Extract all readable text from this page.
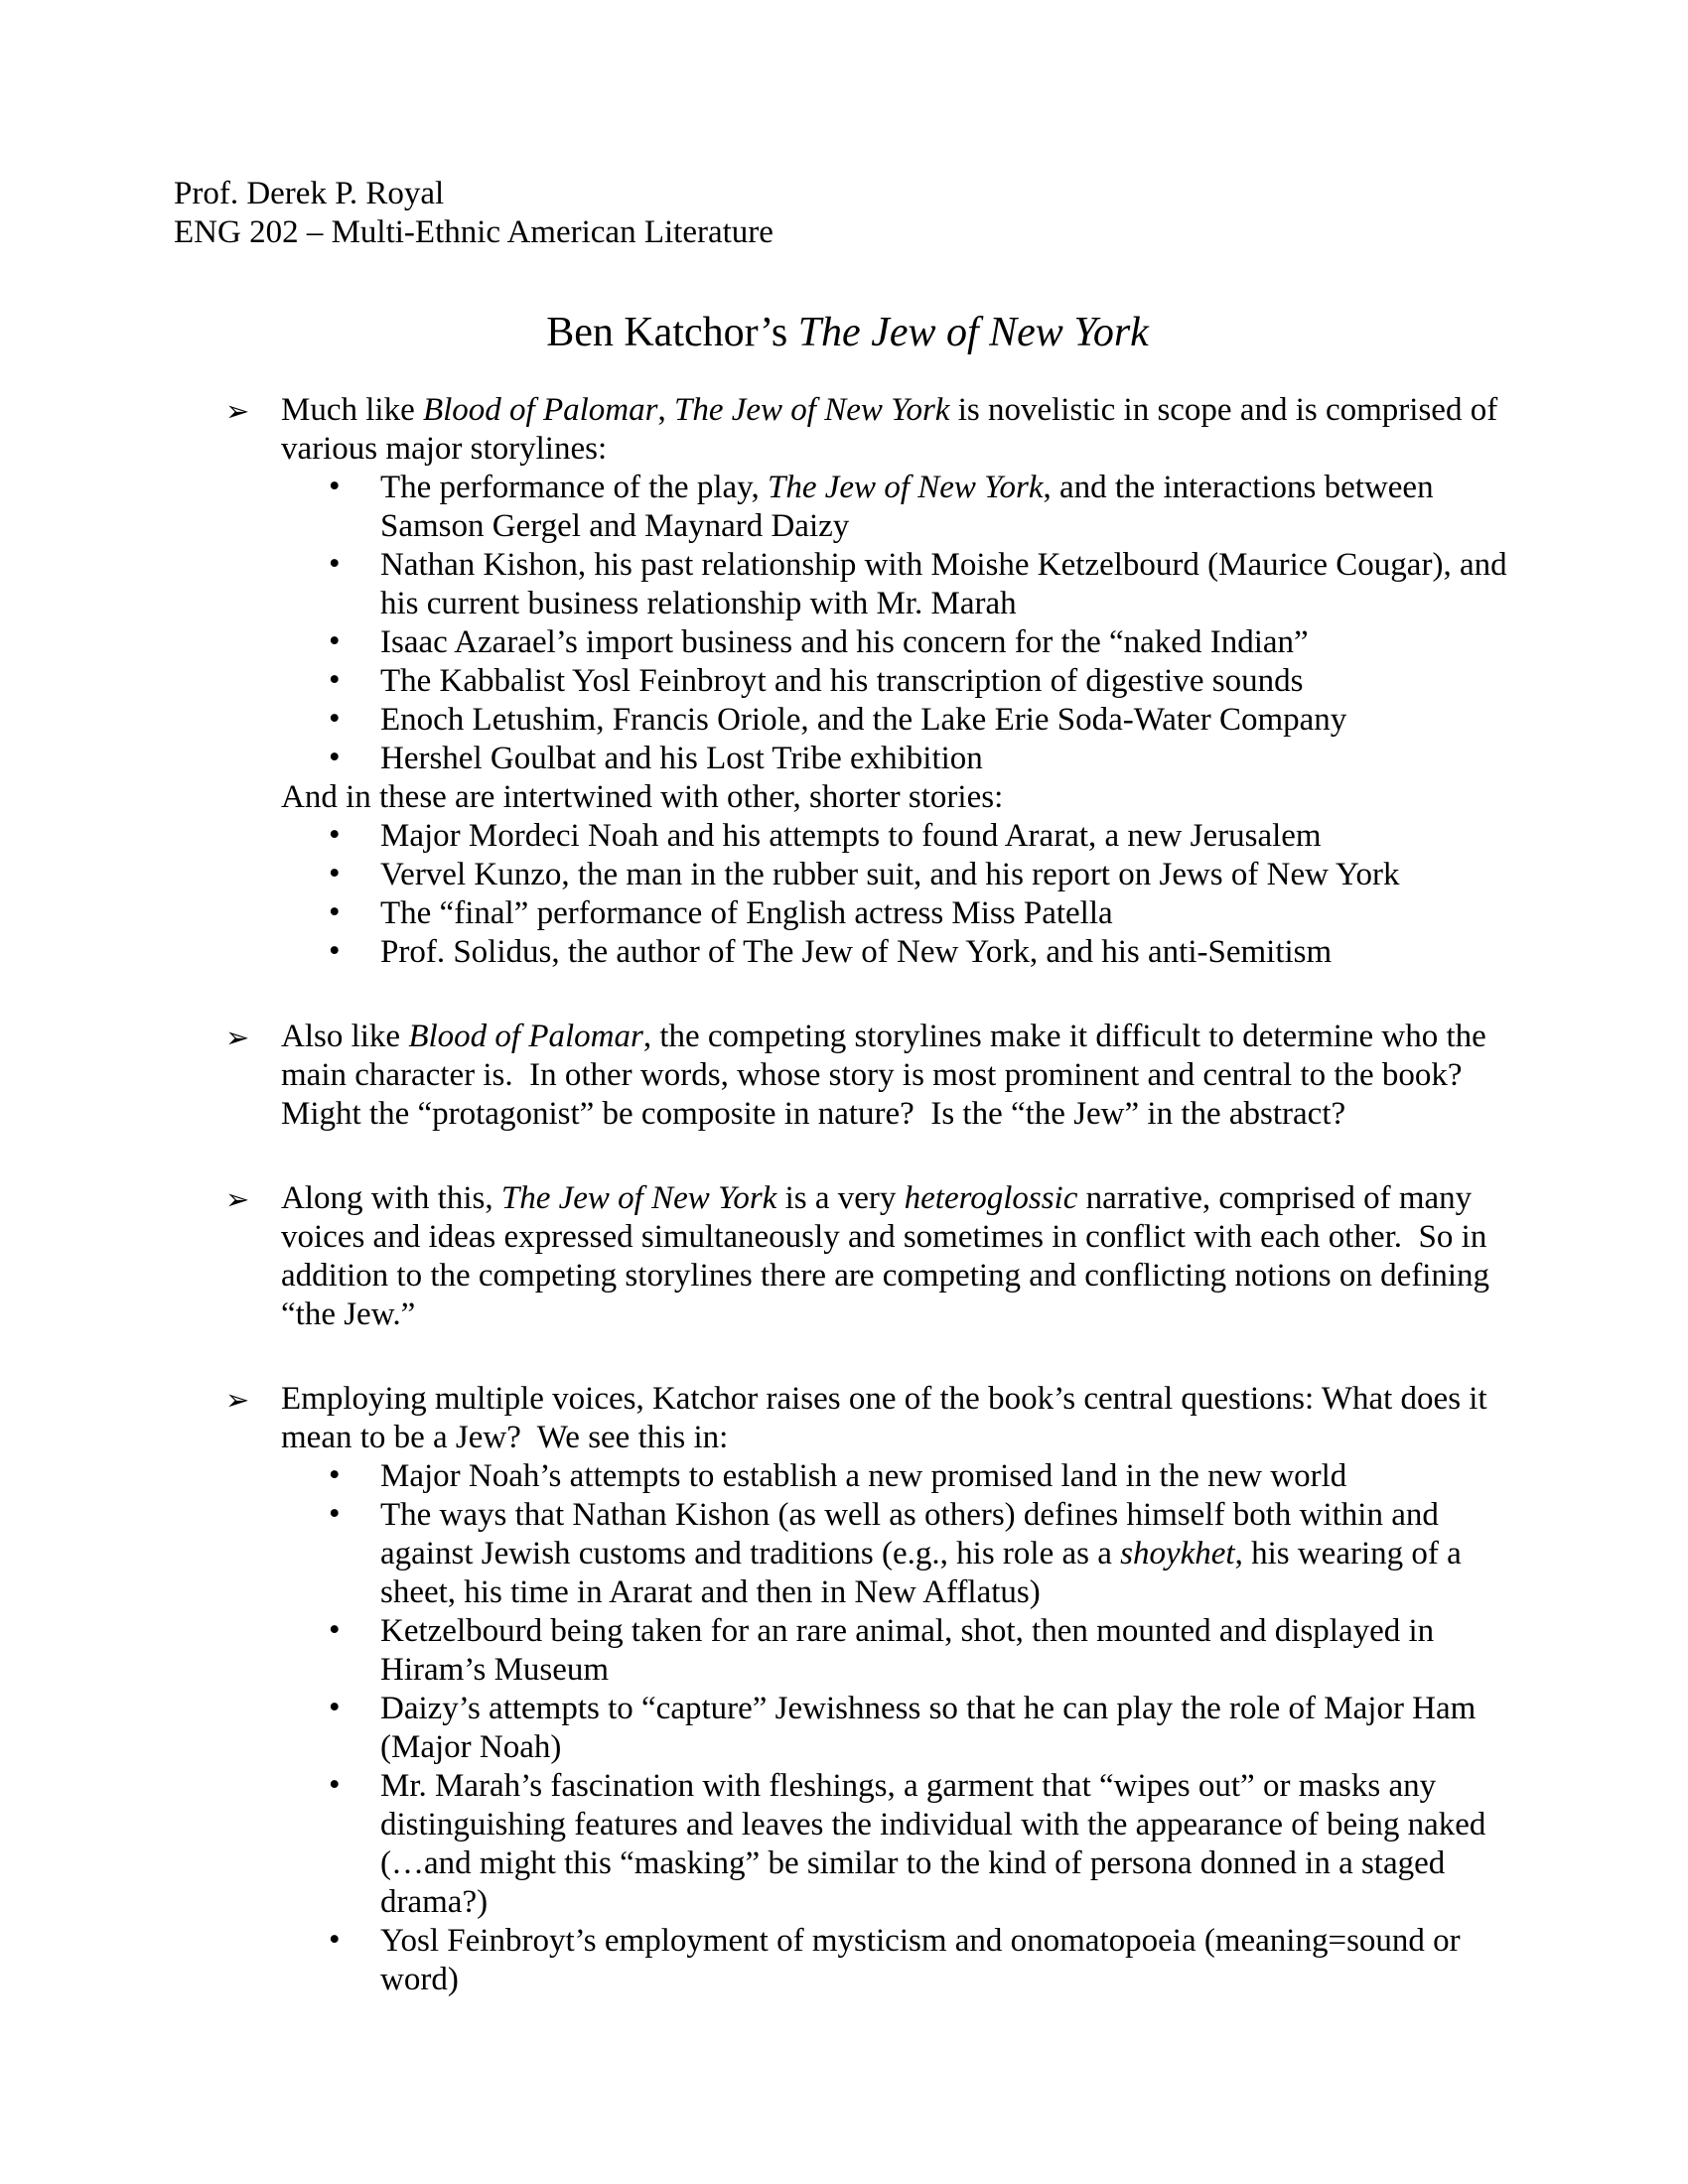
Prof. Derek P. Royal
ENG 202 – Multi-Ethnic American Literature
Ben Katchor’s The Jew of New York
➢ Much like Blood of Palomar, The Jew of New York is novelistic in scope and is comprised of various major storylines:
• The performance of the play, The Jew of New York, and the interactions between Samson Gergel and Maynard Daizy
• Nathan Kishon, his past relationship with Moishe Ketzelbourd (Maurice Cougar), and his current business relationship with Mr. Marah
• Isaac Azarael’s import business and his concern for the “naked Indian”
• The Kabbalist Yosl Feinbroyt and his transcription of digestive sounds
• Enoch Letushim, Francis Oriole, and the Lake Erie Soda-Water Company
• Hershel Goulbat and his Lost Tribe exhibition
And in these are intertwined with other, shorter stories:
• Major Mordeci Noah and his attempts to found Ararat, a new Jerusalem
• Vervel Kunzo, the man in the rubber suit, and his report on Jews of New York
• The “final” performance of English actress Miss Patella
• Prof. Solidus, the author of The Jew of New York, and his anti-Semitism
➢ Also like Blood of Palomar, the competing storylines make it difficult to determine who the main character is.  In other words, whose story is most prominent and central to the book?  Might the “protagonist” be composite in nature?  Is the “the Jew” in the abstract?
➢ Along with this, The Jew of New York is a very heteroglossic narrative, comprised of many voices and ideas expressed simultaneously and sometimes in conflict with each other.  So in addition to the competing storylines there are competing and conflicting notions on defining “the Jew.”
➢ Employing multiple voices, Katchor raises one of the book’s central questions: What does it mean to be a Jew?  We see this in:
• Major Noah’s attempts to establish a new promised land in the new world
• The ways that Nathan Kishon (as well as others) defines himself both within and against Jewish customs and traditions (e.g., his role as a shoykhet, his wearing of a sheet, his time in Ararat and then in New Afflatus)
• Ketzelbourd being taken for an rare animal, shot, then mounted and displayed in Hiram’s Museum
• Daizy’s attempts to “capture” Jewishness so that he can play the role of Major Ham (Major Noah)
• Mr. Marah’s fascination with fleshings, a garment that “wipes out” or masks any distinguishing features and leaves the individual with the appearance of being naked (…and might this “masking” be similar to the kind of persona donned in a staged drama?)
• Yosl Feinbroyt’s employment of mysticism and onomatopoeia (meaning=sound or word)
